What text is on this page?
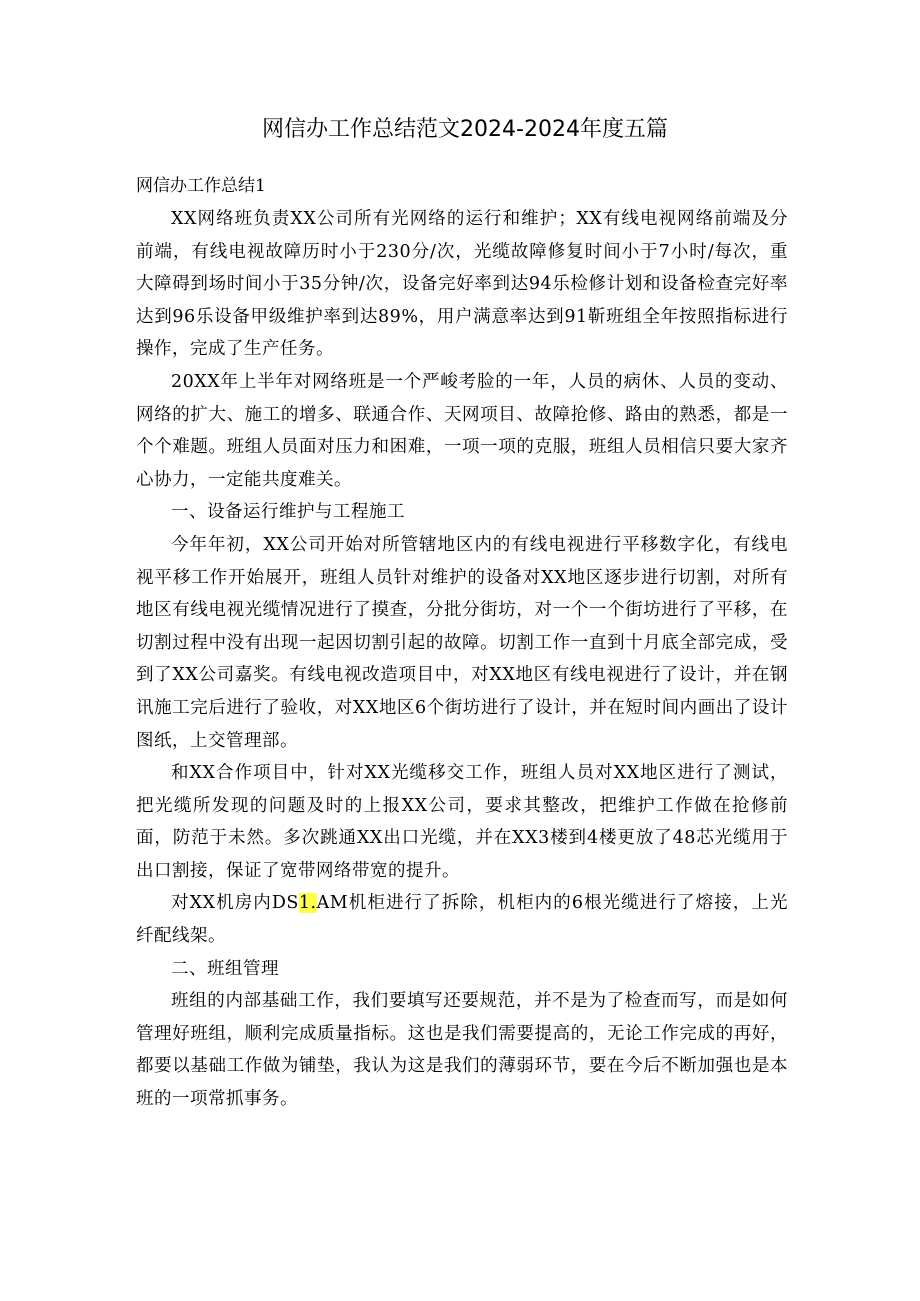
网信办工作总结范文2024-2024年度五篇

网信办工作总结1

XX网络班负责XX公司所有光网络的运行和维护；XX有线电视网络前端及分前端，有线电视故障历时小于230分/次，光缆故障修复时间小于7小时/每次，重大障碍到场时间小于35分钟/次，设备完好率到达94乐检修计划和设备检查完好率达到96乐设备甲级维护率到达89%，用户满意率达到91靳班组全年按照指标进行操作，完成了生产任务。

20XX年上半年对网络班是一个严峻考脸的一年，人员的病休、人员的变动、网络的扩大、施工的增多、联通合作、天网项目、故障抢修、路由的熟悉，都是一个个难题。班组人员面对压力和困难，一项一项的克服，班组人员相信只要大家齐心协力，一定能共度难关。

一、设备运行维护与工程施工

今年年初，XX公司开始对所管辖地区内的有线电视进行平移数字化，有线电视平移工作开始展开，班组人员针对维护的设备对XX地区逐步进行切割，对所有地区有线电视光缆情况进行了摸查，分批分街坊，对一个一个街坊进行了平移，在切割过程中没有出现一起因切割引起的故障。切割工作一直到十月底全部完成，受到了XX公司嘉奖。有线电视改造项目中，对XX地区有线电视进行了设计，并在钢讯施工完后进行了验收，对XX地区6个街坊进行了设计，并在短时间内画出了设计图纸，上交管理部。

和XX合作项目中，针对XX光缆移交工作，班组人员对XX地区进行了测试，把光缆所发现的问题及时的上报XX公司，要求其整改，把维护工作做在抢修前面，防范于未然。多次跳通XX出口光缆，并在XX3楼到4楼更放了48芯光缆用于出口割接，保证了宽带网络带宽的提升。

对XX机房内DS1.AM机柜进行了拆除，机柜内的6根光缆进行了熔接，上光纤配线架。

二、班组管理

班组的内部基础工作，我们要填写还要规范，并不是为了检查而写，而是如何管理好班组，顺利完成质量指标。这也是我们需要提高的，无论工作完成的再好，都要以基础工作做为铺垫，我认为这是我们的薄弱环节，要在今后不断加强也是本班的一项常抓事务。
